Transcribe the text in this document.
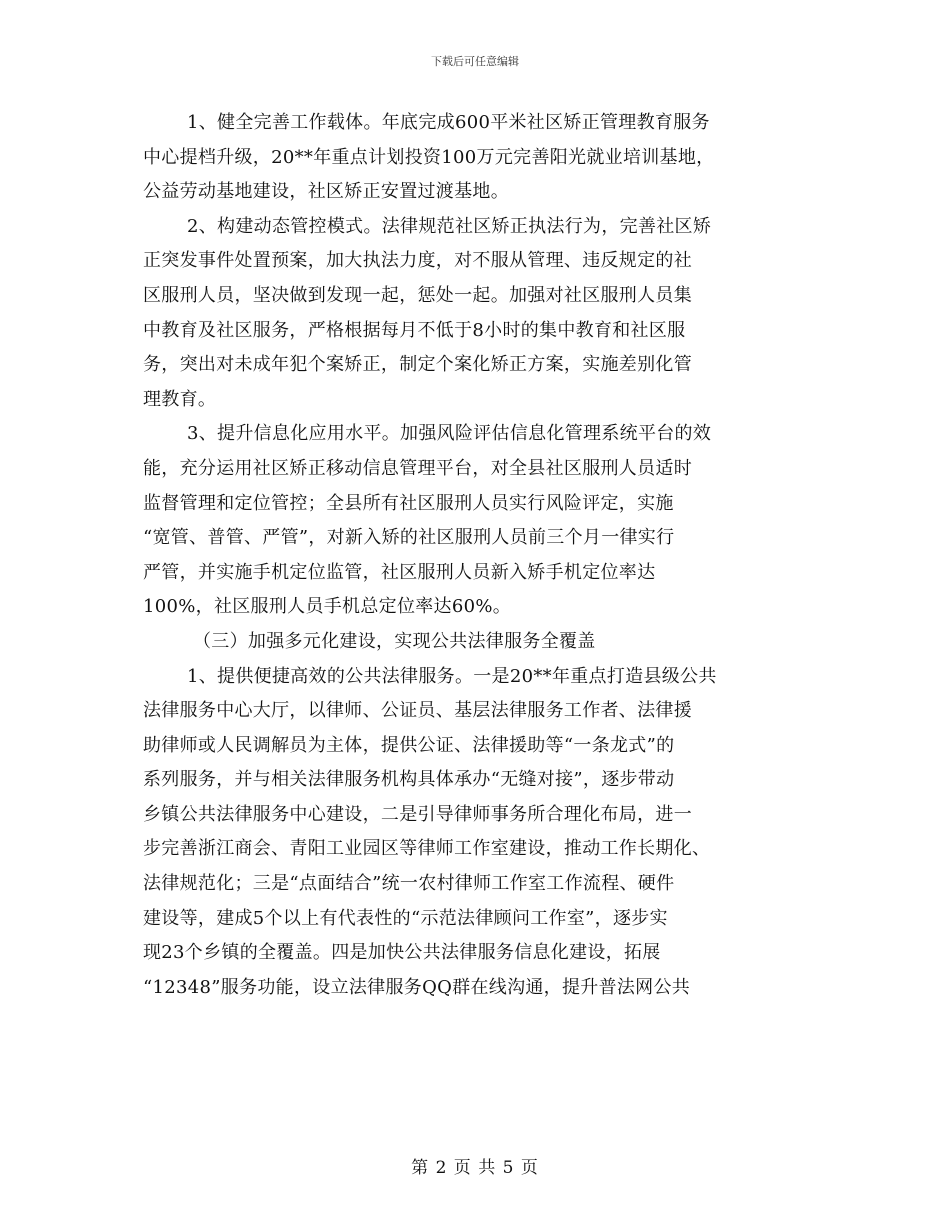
下载后可任意编辑
1、健全完善工作载体。年底完成600平米社区矫正管理教育服务
中心提档升级，20**年重点计划投资100万元完善阳光就业培训基地，
公益劳动基地建设，社区矫正安置过渡基地。
2、构建动态管控模式。法律规范社区矫正执法行为，完善社区矫
正突发事件处置预案，加大执法力度，对不服从管理、违反规定的社
区服刑人员，坚决做到发现一起，惩处一起。加强对社区服刑人员集
中教育及社区服务，严格根据每月不低于8小时的集中教育和社区服
务，突出对未成年犯个案矫正，制定个案化矫正方案，实施差别化管
理教育。
3、提升信息化应用水平。加强风险评估信息化管理系统平台的效
能，充分运用社区矫正移动信息管理平台，对全县社区服刑人员适时
监督管理和定位管控；全县所有社区服刑人员实行风险评定，实施
“宽管、普管、严管”，对新入矫的社区服刑人员前三个月一律实行
严管，并实施手机定位监管，社区服刑人员新入矫手机定位率达
100%，社区服刑人员手机总定位率达60%。
（三）加强多元化建设，实现公共法律服务全覆盖
1、提供便捷高效的公共法律服务。一是20**年重点打造县级公共
法律服务中心大厅，以律师、公证员、基层法律服务工作者、法律援
助律师或人民调解员为主体，提供公证、法律援助等“一条龙式”的
系列服务，并与相关法律服务机构具体承办“无缝对接”，逐步带动
乡镇公共法律服务中心建设，二是引导律师事务所合理化布局，进一
步完善浙江商会、青阳工业园区等律师工作室建设，推动工作长期化、
法律规范化；三是“点面结合”统一农村律师工作室工作流程、硬件
建设等，建成5个以上有代表性的“示范法律顾问工作室”，逐步实
现23个乡镇的全覆盖。四是加快公共法律服务信息化建设，拓展
“12348”服务功能，设立法律服务QQ群在线沟通，提升普法网公共
第 2 页 共 5 页
